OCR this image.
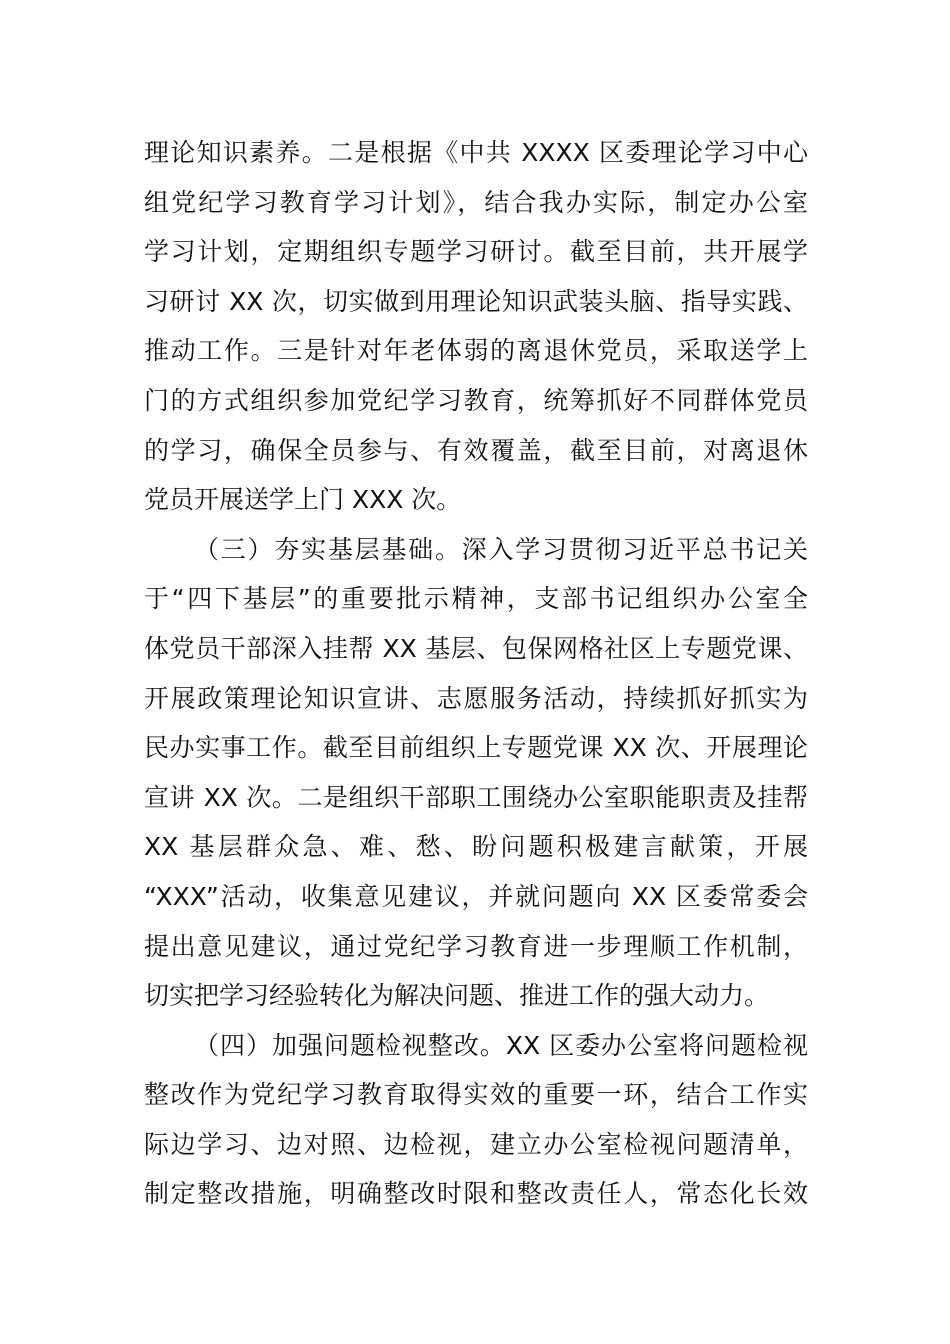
理论知识素养。二是根据《中共 XXXX 区委理论学习中心
组党纪学习教育学习计划》，结合我办实际，制定办公室
学习计划，定期组织专题学习研讨。截至目前，共开展学
习研讨 XX 次，切实做到用理论知识武装头脑、指导实践、
推动工作。三是针对年老体弱的离退休党员，采取送学上
门的方式组织参加党纪学习教育，统筹抓好不同群体党员
的学习，确保全员参与、有效覆盖，截至目前，对离退休
党员开展送学上门 XXX 次。
（三）夯实基层基础。深入学习贯彻习近平总书记关
于“四下基层”的重要批示精神，支部书记组织办公室全
体党员干部深入挂帮 XX 基层、包保网格社区上专题党课、
开展政策理论知识宣讲、志愿服务活动，持续抓好抓实为
民办实事工作。截至目前组织上专题党课 XX 次、开展理论
宣讲 XX 次。二是组织干部职工围绕办公室职能职责及挂帮
XX 基层群众急、难、愁、盼问题积极建言献策，开展
“XXX”活动，收集意见建议，并就问题向 XX 区委常委会
提出意见建议，通过党纪学习教育进一步理顺工作机制，
切实把学习经验转化为解决问题、推进工作的强大动力。
（四）加强问题检视整改。XX 区委办公室将问题检视
整改作为党纪学习教育取得实效的重要一环，结合工作实
际边学习、边对照、边检视，建立办公室检视问题清单，
制定整改措施，明确整改时限和整改责任人，常态化长效
